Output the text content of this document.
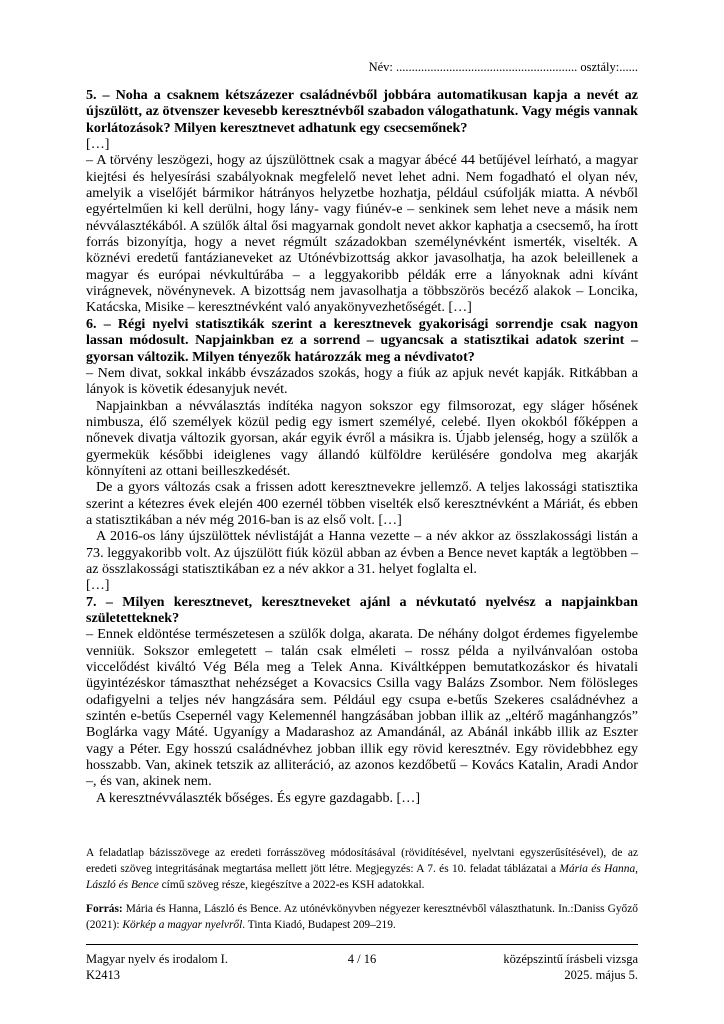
Név: .......................................................... osztály:......

5. – Noha a csaknem kétszázezer családnévből jobbára automatikusan kapja a nevét az újszülött, az ötvenszer kevesebb keresztnévből szabadon válogathatunk. Vagy mégis vannak korlátozások? Milyen keresztnevet adhatunk egy csecsemőnek?

[…]

– A törvény leszögezi, hogy az újszülöttnek csak a magyar ábécé 44 betűjével leírható, a magyar kiejtési és helyesírási szabályoknak megfelelő nevet lehet adni. Nem fogadható el olyan név, amelyik a viselőjét bármikor hátrányos helyzetbe hozhatja, például csúfolják miatta. A névből egyértelműen ki kell derülni, hogy lány- vagy fiúnév-e – senkinek sem lehet neve a másik nem névválasztékából. A szülők által ősi magyarnak gondolt nevet akkor kaphatja a csecsemő, ha írott forrás bizonyítja, hogy a nevet régmúlt századokban személynévként ismerték, viselték. A köznévi eredetű fantázianeveket az Utónévbizottság akkor javasolhatja, ha azok beleillenek a magyar és európai névkultúrába – a leggyakoribb példák erre a lányoknak adni kívánt virágnevek, növénynevek. A bizottság nem javasolhatja a többszörös becéző alakok – Loncika, Katácska, Misike – keresztnévként való anyakönyvezhetőségét. […]

6. – Régi nyelvi statisztikák szerint a keresztnevek gyakorisági sorrendje csak nagyon lassan módosult. Napjainkban ez a sorrend – ugyancsak a statisztikai adatok szerint – gyorsan változik. Milyen tényezők határozzák meg a névdivatot?

– Nem divat, sokkal inkább évszázados szokás, hogy a fiúk az apjuk nevét kapják. Ritkábban a lányok is követik édesanyjuk nevét.

Napjainkban a névválasztás indítéka nagyon sokszor egy filmsorozat, egy sláger hősének nimbusza, élő személyek közül pedig egy ismert személyé, celebé. Ilyen okokból főképpen a nőnevek divatja változik gyorsan, akár egyik évről a másikra is. Újabb jelenség, hogy a szülők a gyermekük későbbi ideiglenes vagy állandó külföldre kerülésére gondolva meg akarják könnyíteni az ottani beilleszkedését.

De a gyors változás csak a frissen adott keresztnevekre jellemző. A teljes lakossági statisztika szerint a kétezres évek elején 400 ezernél többen viselték első keresztnévként a Máriát, és ebben a statisztikában a név még 2016-ban is az első volt. […]

A 2016-os lány újszülöttek névlistáját a Hanna vezette – a név akkor az összlakossági listán a 73. leggyakoribb volt. Az újszülött fiúk közül abban az évben a Bence nevet kapták a legtöbben – az összlakossági statisztikában ez a név akkor a 31. helyet foglalta el.

[…]

7. – Milyen keresztnevet, keresztneveket ajánl a névkutató nyelvész a napjainkban születetteknek?

– Ennek eldöntése természetesen a szülők dolga, akarata. De néhány dolgot érdemes figyelembe venniük. Sokszor emlegetett – talán csak elméleti – rossz példa a nyilvánvalóan ostoba viccelődést kiváltó Vég Béla meg a Telek Anna. Kiváltképpen bemutatkozáskor és hivatali ügyintézéskor támaszthat nehézséget a Kovacsics Csilla vagy Balázs Zsombor. Nem fölösleges odafigyelni a teljes név hangzására sem. Például egy csupa e-betűs Szekeres családnévhez a szintén e-betűs Csepernél vagy Kelemennél hangzásában jobban illik az „eltérő magánhangzós” Boglárka vagy Máté. Ugyanígy a Madarashoz az Amandánál, az Abánál inkább illik az Eszter vagy a Péter. Egy hosszú családnévhez jobban illik egy rövid keresztnév. Egy rövidebbhez egy hosszabb. Van, akinek tetszik az alliteráció, az azonos kezdőbetű – Kovács Katalin, Aradi Andor –, és van, akinek nem.

A keresztnévválaszték bőséges. És egyre gazdagabb. […]

A feladatlap bázisszövege az eredeti forrásszöveg módosításával (rövidítésével, nyelvtani egyszerűsítésével), de az eredeti szöveg integritásának megtartása mellett jött létre. Megjegyzés: A 7. és 10. feladat táblázatai a Mária és Hanna, László és Bence című szöveg része, kiegészítve a 2022-es KSH adatokkal.

Forrás: Mária és Hanna, László és Bence. Az utónévkönyvben négyezer keresztnévből választhatunk. In.:Daniss Győző (2021): Körkép a magyar nyelvről. Tinta Kiadó, Budapest 209–219.

Magyar nyelv és irodalom I.
K2413
4 / 16	középszintű írásbeli vizsga
2025. május 5.
